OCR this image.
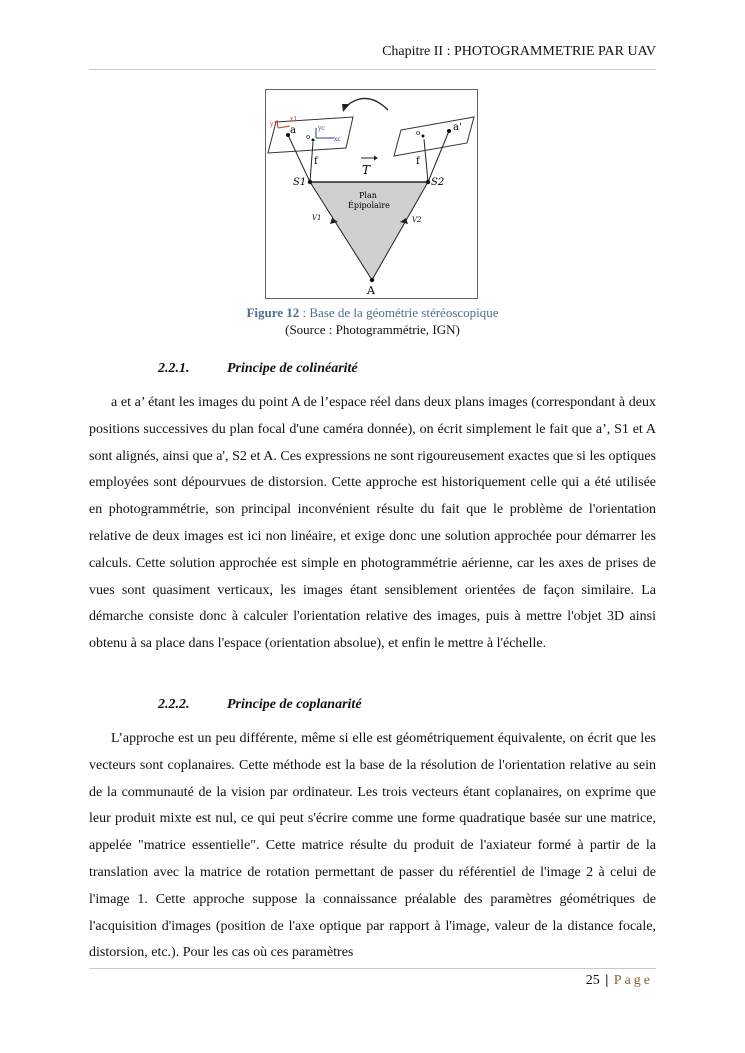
Chapitre II : PHOTOGRAMMETRIE PAR UAV
a	a'
o	o
x1
y1
yc
xc
f	f
T
S1	S2
Plan
Épipolaire
V1	V2
A
Figure 12 : Base de la géométrie stéréoscopique
(Source : Photogrammétrie, IGN)
2.2.1.	Principe de colinéarité

a et a’ étant les images du point A de l’espace réel dans deux plans images (correspondant à deux positions successives du plan focal d'une caméra donnée), on écrit simplement le fait que a’, S1 et A sont alignés, ainsi que a', S2 et A. Ces expressions ne sont rigoureusement exactes que si les optiques employées sont dépourvues de distorsion. Cette approche est historiquement celle qui a été utilisée en photogrammétrie, son principal inconvénient résulte du fait que le problème de l'orientation relative de deux images est ici non linéaire, et exige donc une solution approchée pour démarrer les calculs. Cette solution approchée est simple en photogrammétrie aérienne, car les axes de prises de vues sont quasiment verticaux, les images étant sensiblement orientées de façon similaire. La démarche consiste donc à calculer l'orientation relative des images, puis à mettre l'objet 3D ainsi obtenu à sa place dans l'espace (orientation absolue), et enfin le mettre à l'échelle.

2.2.2.	Principe de coplanarité

L’approche est un peu différente, même si elle est géométriquement équivalente, on écrit que les vecteurs sont coplanaires. Cette méthode est la base de la résolution de l'orientation relative au sein de la communauté de la vision par ordinateur. Les trois vecteurs étant coplanaires, on exprime que leur produit mixte est nul, ce qui peut s'écrire comme une forme quadratique basée sur une matrice, appelée "matrice essentielle". Cette matrice résulte du produit de l'axiateur formé à partir de la translation avec la matrice de rotation permettant de passer du référentiel de l'image 2 à celui de l'image 1. Cette approche suppose la connaissance préalable des paramètres géométriques de l'acquisition d'images (position de l'axe optique par rapport à l'image, valeur de la distance focale, distorsion, etc.). Pour les cas où ces paramètres

25 | Page
